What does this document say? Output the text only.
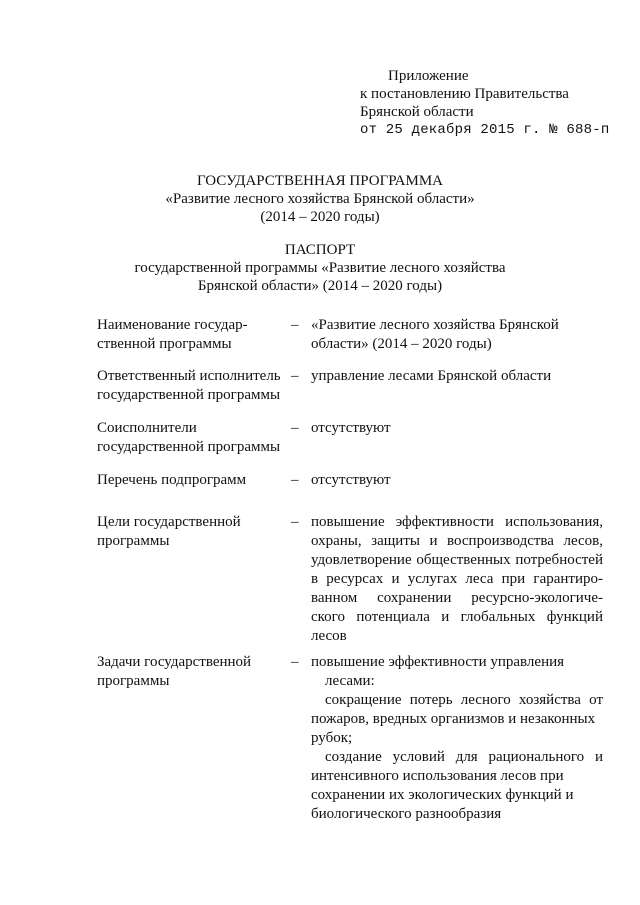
Приложение
к постановлению Правительства
Брянской области
от 25 декабря 2015 г. № 688-п
ГОСУДАРСТВЕННАЯ ПРОГРАММА
«Развитие лесного хозяйства Брянской области»
(2014 – 2020 годы)
ПАСПОРТ
государственной программы «Развитие лесного хозяйства
Брянской области» (2014 – 2020 годы)
Наименование государ-
ственной программы
– «Развитие лесного хозяйства Брянской
области» (2014 – 2020 годы)
Ответственный исполнитель
государственной программы
– управление лесами Брянской области
Соисполнители
государственной программы
– отсутствуют
Перечень подпрограмм	– отсутствуют
Цели государственной
программы
– повышение эффективности использования,
охраны, защиты и воспроизводства лесов,
удовлетворение общественных потребностей
в ресурсах и услугах леса при гарантиро-
ванном сохранении ресурсно-экологиче-
ского потенциала и глобальных функций
лесов
Задачи государственной
программы
– повышение эффективности управления
лесами:
сокращение потерь лесного хозяйства от
пожаров, вредных организмов и незаконных
рубок;
создание условий для рационального и
интенсивного использования лесов при
сохранении их экологических функций и
биологического разнообразия
